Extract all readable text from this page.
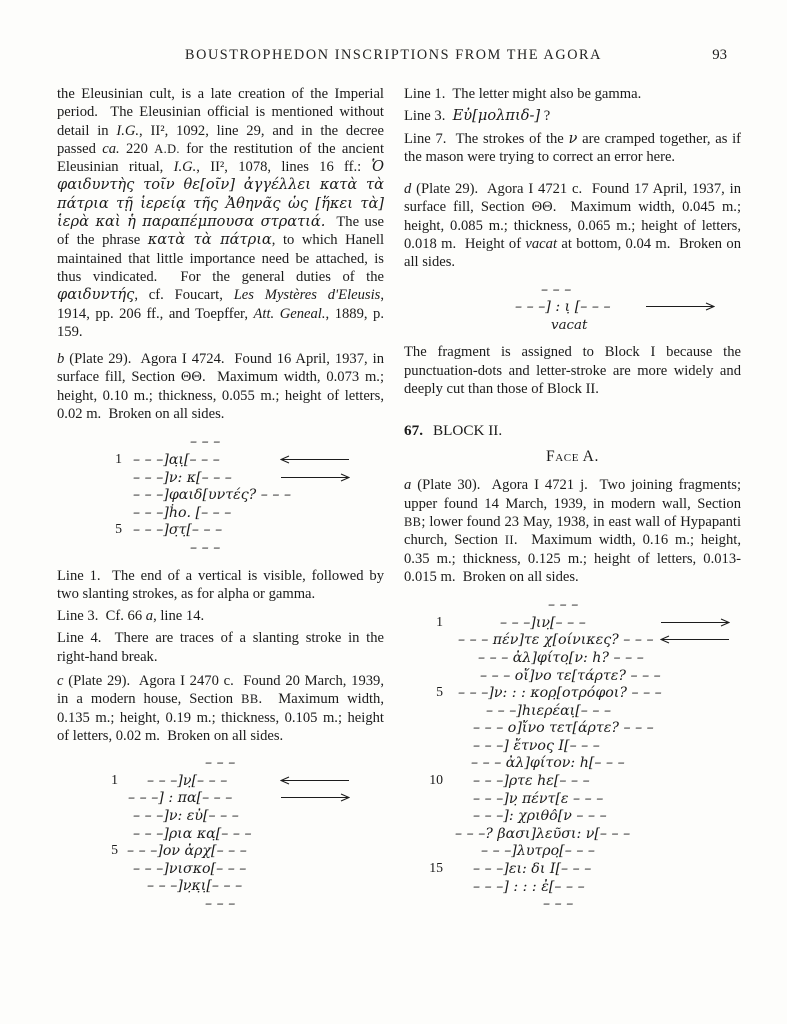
BOUSTROPHEDON INSCRIPTIONS FROM THE AGORA	93

the Eleusinian cult, is a late creation of the Imperial period.  The Eleusinian official is mentioned without detail in I.G., II², 1092, line 29, and in the decree passed ca. 220 A.D. for the restitution of the ancient Eleusinian ritual, I.G., II², 1078, lines 16 ff.: Ὁ φαιδυντὴς τοῖν θε[οῖν] ἀγγέλλει κατὰ τὰ πάτρια τῇ ἱερείᾳ τῆς Ἀθηνᾶς ὡς [ἥκει τὰ] ἱερὰ καὶ ἡ παραπέμπουσα στρατιά.  The use of the phrase κατὰ τὰ πάτρια, to which Hanell maintained that little importance need be attached, is thus vindicated.  For the general duties of the φαιδυντής, cf. Foucart, Les Mystères d'Eleusis, 1914, pp. 206 ff., and Toepffer, Att. Geneal., 1889, p. 159.

b (Plate 29).  Agora I 4724.  Found 16 April, 1937, in surface fill, Section ΘΘ.  Maximum width, 0.073 m.; height, 0.10 m.; thickness, 0.055 m.; height of letters, 0.02 m.  Broken on all sides.

– – –
1 – – –]α̣ι̣[– – –
– – –]ν: κ[– – –
– – –]φαιδ[υντές? – – –
– – –]ḣο. [– – –
5 – – –]σ̣τ̣[– – –
– – –

Line 1.  The end of a vertical is visible, followed by two slanting strokes, as for alpha or gamma.

Line 3.  Cf. 66 a, line 14.

Line 4.  There are traces of a slanting stroke in the right-hand break.

c (Plate 29).  Agora I 2470 c.  Found 20 March, 1939, in a modern house, Section BB.  Maximum width, 0.135 m.; height, 0.19 m.; thickness, 0.105 m.; height of letters, 0.02 m.  Broken on all sides.

– – –
1 – – –]ν̣[– – –
– – –] : πα[– – –
– – –]ν: εὐ[– – –
– – –]ρια κα̣[– – –
5 – – –]ον ἀρχ[– – –
– – –]νισκο[– – –
– – –]ν̣κ̣ι̣[– – –
– – –

Line 1.  The letter might also be gamma.

Line 3.  Εὐ[μολπιδ-] ?

Line 7.  The strokes of the ν are cramped together, as if the mason were trying to correct an error here.

d (Plate 29).  Agora I 4721 c.  Found 17 April, 1937, in surface fill, Section ΘΘ.  Maximum width, 0.045 m.; height, 0.085 m.; thickness, 0.065 m.; height of letters, 0.018 m.  Height of vacat at bottom, 0.04 m.  Broken on all sides.

– – –
– – –] : ι̣ [– – –
vacat

The fragment is assigned to Block I because the punctuation-dots and letter-stroke are more widely and deeply cut than those of Block II.

67. BLOCK II.

Face A.

a (Plate 30).  Agora I 4721 j.  Two joining fragments; upper found 14 March, 1939, in modern wall, Section BB; lower found 23 May, 1938, in east wall of Hypapanti church, Section II.  Maximum width, 0.16 m.; height, 0.35 m.; thickness, 0.125 m.; height of letters, 0.013-0.015 m.  Broken on all sides.

– – –
1	– – –]ιν̣[– – –
– – – πέν]τε χ[οίνικες? – – –
– – – ἀλ]φίτο̣[ν: h? – – –
– – – οἴ]νο τε[τάρτε? – – –
5 – – –]ν: : : κορ̣[οτρόφοι? – – –
– – –]hιερέαι̣[– – –
– – – ο]ἴνο τετ[άρτε? – – –
– – –] ἔτνος Ι[– – –
– – – ἀλ]φίτον: h[– – –
10 – – –]ρτε hε[– – –
– – –]ν̣ πέντ[ε – – –
– – –]: χριθο̂[ν – – –
– – –? βασι]λεῦσι: ν[– – –
– – –]λυτρο̣[– – –
15 – – –]ει: δι Ι[– – –
– – –] : : : ἐ[– – –
– – –
